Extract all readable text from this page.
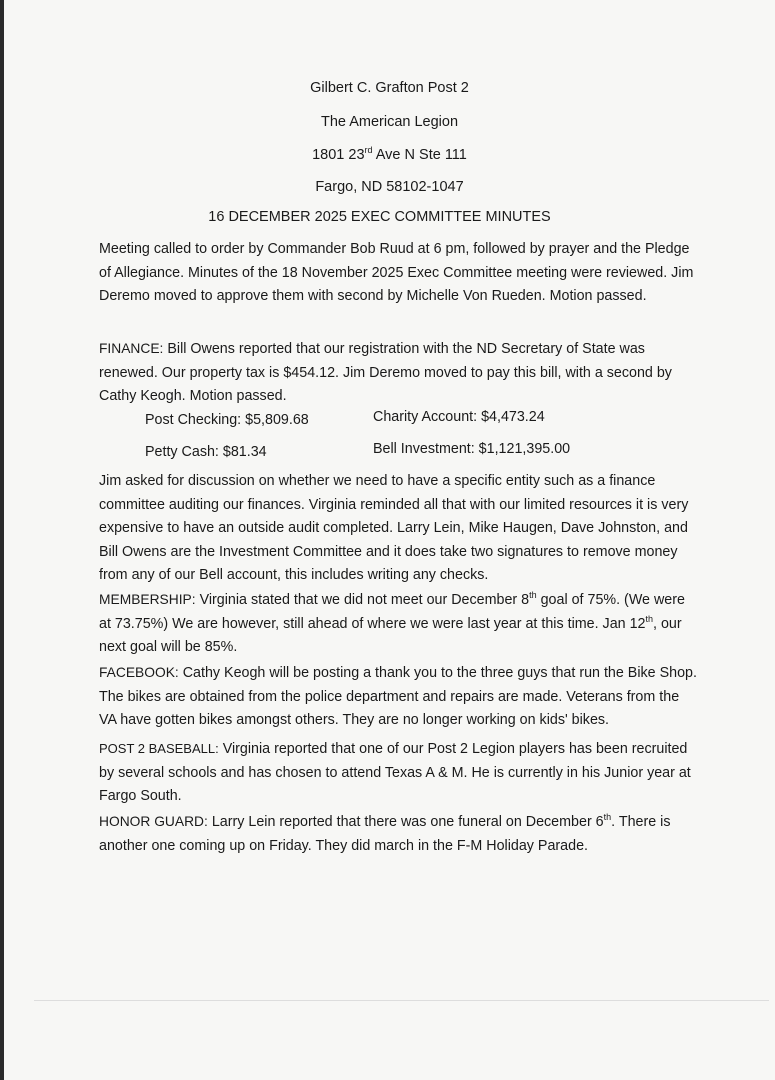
Gilbert C. Grafton Post 2
The American Legion
1801 23rd Ave N Ste 111
Fargo, ND 58102-1047
16 DECEMBER 2025 EXEC COMMITTEE MINUTES

Meeting called to order by Commander Bob Ruud at 6 pm, followed by prayer and the Pledge of Allegiance. Minutes of the 18 November 2025 Exec Committee meeting were reviewed. Jim Deremo moved to approve them with second by Michelle Von Rueden. Motion passed.

FINANCE: Bill Owens reported that our registration with the ND Secretary of State was renewed. Our property tax is $454.12. Jim Deremo moved to pay this bill, with a second by Cathy Keogh. Motion passed.

Post Checking: $5,809.68	Charity Account: $4,473.24
Petty Cash: $81.34	Bell Investment: $1,121,395.00

Jim asked for discussion on whether we need to have a specific entity such as a finance committee auditing our finances. Virginia reminded all that with our limited resources it is very expensive to have an outside audit completed. Larry Lein, Mike Haugen, Dave Johnston, and Bill Owens are the Investment Committee and it does take two signatures to remove money from any of our Bell account, this includes writing any checks.

MEMBERSHIP: Virginia stated that we did not meet our December 8th goal of 75%. (We were at 73.75%) We are however, still ahead of where we were last year at this time. Jan 12th, our next goal will be 85%.

FACEBOOK: Cathy Keogh will be posting a thank you to the three guys that run the Bike Shop. The bikes are obtained from the police department and repairs are made. Veterans from the VA have gotten bikes amongst others. They are no longer working on kids' bikes.

POST 2 BASEBALL: Virginia reported that one of our Post 2 Legion players has been recruited by several schools and has chosen to attend Texas A & M. He is currently in his Junior year at Fargo South.

HONOR GUARD: Larry Lein reported that there was one funeral on December 6th. There is another one coming up on Friday. They did march in the F-M Holiday Parade.
